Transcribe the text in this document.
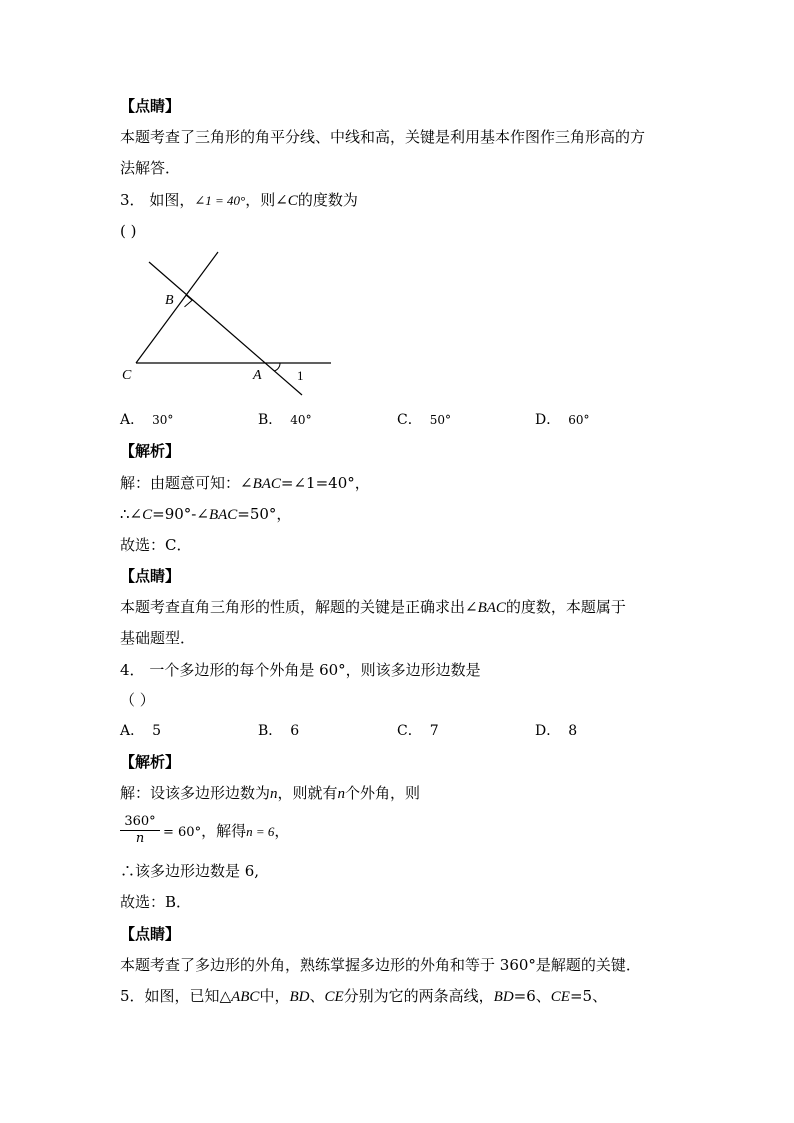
【点睛】
本题考查了三角形的角平分线、中线和高，关键是利用基本作图作三角形高的方
法解答．
3． 如图，∠1 = 40°，则∠C的度数为
( )
B
C	A	1
A． 30°	B． 40°	C． 50°	D． 60°
【解析】
解：由题意可知：∠BAC=∠1=40°，
∴∠C=90°-∠BAC=50°，
故选：C．
【点睛】
本题考查直角三角形的性质，解题的关键是正确求出∠BAC的度数，本题属于
基础题型．
4． 一个多边形的每个外角是 60°，则该多边形边数是
（ ）
A． 5	B． 6	C． 7	D． 8
【解析】
解：设该多边形边数为n，则就有n个外角，则
$\frac{360^\circ}{n} = 60^\circ$，解得n = 6，
∴该多边形边数是 6,
故选：B．
【点睛】
本题考查了多边形的外角，熟练掌握多边形的外角和等于 360°是解题的关键．
5．如图，已知△ABC中，BD、CE分别为它的两条高线，BD=6、CE=5、
